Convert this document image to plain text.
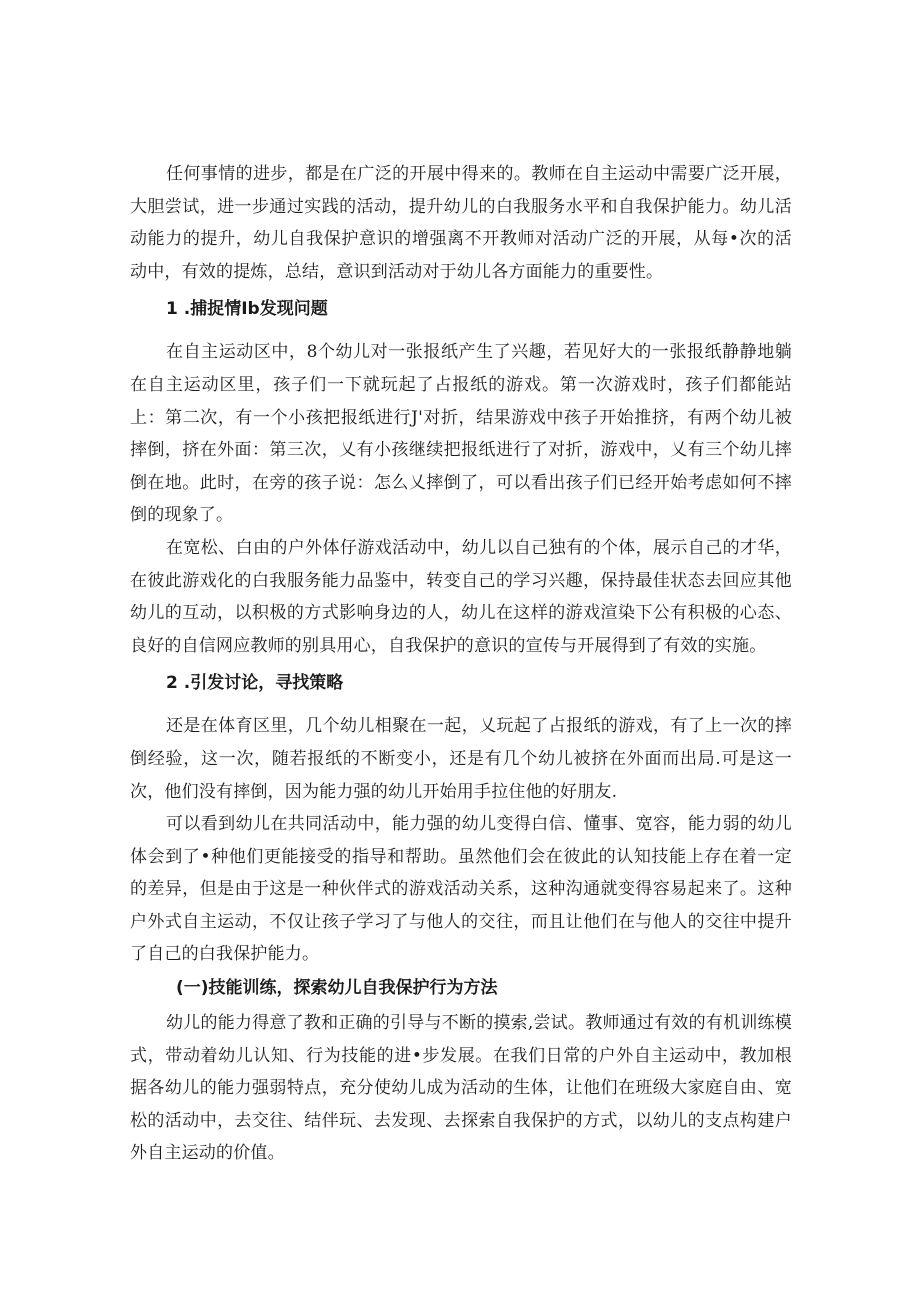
任何事情的进步，都是在广泛的开展中得来的。教师在自主运动中需要广泛开展，大胆尝试，进一步通过实践的活动，提升幼儿的白我服务水平和自我保护能力。幼儿活动能力的提升，幼儿自我保护意识的增强离不开教师对活动广泛的开展，从每•次的活动中，有效的提炼，总结，意识到活动对于幼儿各方面能力的重要性。

1 .捕捉情Ib发现问题

在自主运动区中，8个幼儿对一张报纸产生了兴趣，若见好大的一张报纸静静地躺在自主运动区里，孩子们一下就玩起了占报纸的游戏。第一次游戏时，孩子们都能站上：第二次，有一个小孩把报纸进行J'对折，结果游戏中孩子开始推挤，有两个幼儿被摔倒，挤在外面：第三次，乂有小孩继续把报纸进行了对折，游戏中，乂有三个幼儿摔倒在地。此时，在旁的孩子说：怎么乂摔倒了，可以看出孩子们已经开始考虑如何不摔倒的现象了。

在宽松、白由的户外体仔游戏活动中，幼儿以自己独有的个体，展示自己的才华，在彼此游戏化的白我服务能力品鉴中，转变自己的学习兴趣，保持最佳状态去回应其他幼儿的互动，以积极的方式影响身边的人，幼儿在这样的游戏渲染下公有积极的心态、良好的自信网应教师的别具用心，自我保护的意识的宣传与开展得到了有效的实施。

2 .引发讨论，寻找策略

还是在体育区里，几个幼儿相聚在一起，乂玩起了占报纸的游戏，有了上一次的摔倒经验，这一次，随若报纸的不断变小，还是有几个幼儿被挤在外面而出局.可是这一次，他们没有摔倒，因为能力强的幼儿开始用手拉住他的好朋友.

可以看到幼儿在共同活动中，能力强的幼儿变得白信、懂事、宽容，能力弱的幼儿体会到了•种他们更能接受的指导和帮助。虽然他们会在彼此的认知技能上存在着一定的差异，但是由于这是一种伙伴式的游戏活动关系，这种沟通就变得容易起来了。这种户外式自主运动，不仅让孩子学习了与他人的交往，而且让他们在与他人的交往中提升了自己的白我保护能力。

(一)技能训练，探索幼儿自我保护行为方法

幼儿的能力得意了教和正确的引导与不断的摸索,尝试。教师通过有效的有机训练模式，带动着幼儿认知、行为技能的进•步发展。在我们日常的户外自主运动中，教加根据各幼儿的能力强弱特点，充分使幼儿成为活动的生体，让他们在班级大家庭自由、宽松的活动中，去交往、结伴玩、去发现、去探索自我保护的方式，以幼儿的支点构建户外自主运动的价值。
